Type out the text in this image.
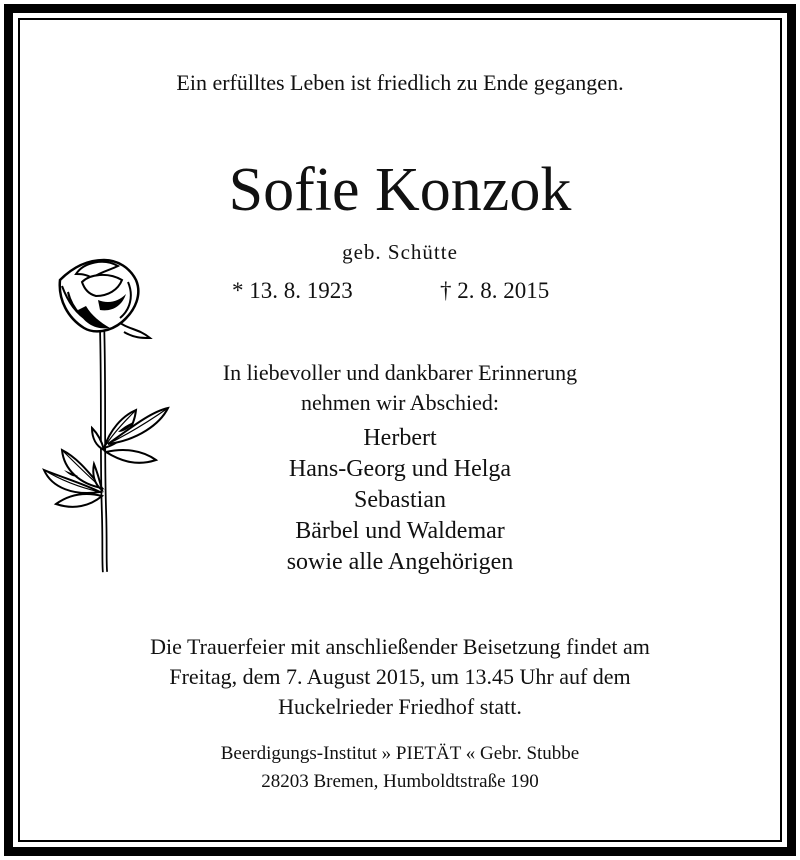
Ein erfülltes Leben ist friedlich zu Ende gegangen.
Sofie Konzok
geb. Schütte
* 13. 8. 1923	† 2. 8. 2015
In liebevoller und dankbarer Erinnerung
nehmen wir Abschied:
Herbert
Hans-Georg und Helga
Sebastian
Bärbel und Waldemar
sowie alle Angehörigen
Die Trauerfeier mit anschließender Beisetzung findet am
Freitag, dem 7. August 2015, um 13.45 Uhr auf dem
Huckelrieder Friedhof statt.
Beerdigungs-Institut » PIETÄT « Gebr. Stubbe
28203 Bremen, Humboldtstraße 190
